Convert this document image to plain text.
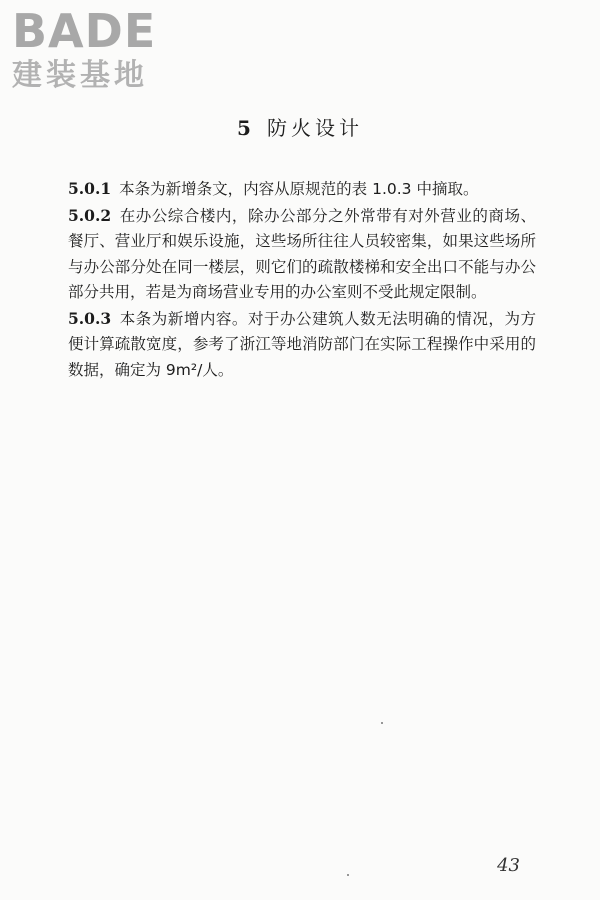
BADE
建装基地
5 防火设计

5.0.1 本条为新增条文，内容从原规范的表 1.0.3 中摘取。

5.0.2 在办公综合楼内，除办公部分之外常带有对外营业的商场、餐厅、营业厅和娱乐设施，这些场所往往人员较密集，如果这些场所与办公部分处在同一楼层，则它们的疏散楼梯和安全出口不能与办公部分共用，若是为商场营业专用的办公室则不受此规定限制。

5.0.3 本条为新增内容。对于办公建筑人数无法明确的情况，为方便计算疏散宽度，参考了浙江等地消防部门在实际工程操作中采用的数据，确定为 9m²/人。

43
